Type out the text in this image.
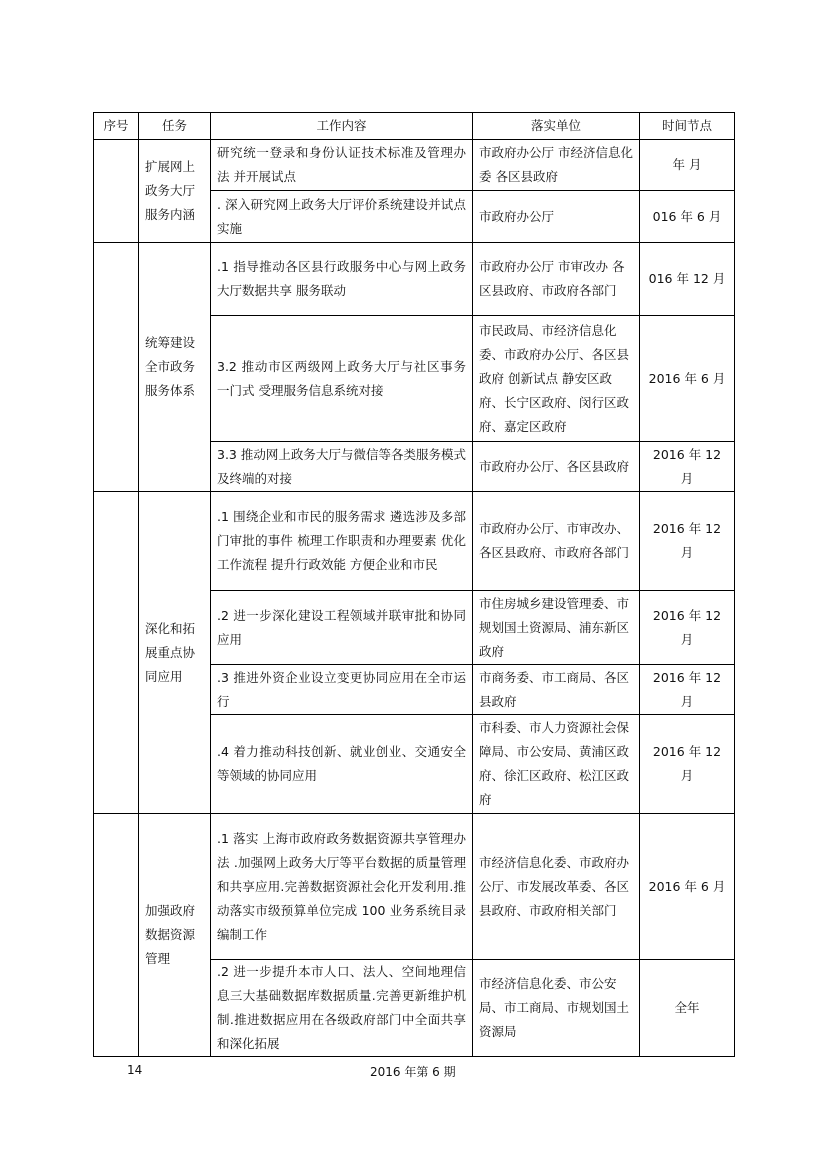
序号	任务	工作内容	落实单位	时间节点
	扩展网上政务大厅服务内涵	研究统一登录和身份认证技术标准及管理办法 并开展试点	市政府办公厅 市经济信息化委 各区县政府	年 月
		. 深入研究网上政务大厅评价系统建设并试点实施	市政府办公厅	016 年 6 月
	统筹建设全市政务服务体系	.1 指导推动各区县行政服务中心与网上政务大厅数据共享 服务联动	市政府办公厅 市审改办 各区县政府、市政府各部门	016 年 12 月
		3.2 推动市区两级网上政务大厅与社区事务 一门式 受理服务信息系统对接	市民政局、市经济信息化委、市政府办公厅、各区县政府 创新试点 静安区政府、长宁区政府、闵行区政府、嘉定区政府	2016 年 6 月
		3.3 推动网上政务大厅与微信等各类服务模式及终端的对接	市政府办公厅、各区县政府	2016 年 12 月
	深化和拓展重点协同应用	.1 围绕企业和市民的服务需求 遴选涉及多部门审批的事件 梳理工作职责和办理要素 优化工作流程 提升行政效能 方便企业和市民	市政府办公厅、市审改办、各区县政府、市政府各部门	2016 年 12 月
		.2 进一步深化建设工程领域并联审批和协同应用	市住房城乡建设管理委、市规划国土资源局、浦东新区政府	2016 年 12 月
		.3 推进外资企业设立变更协同应用在全市运行	市商务委、市工商局、各区县政府	2016 年 12 月
		.4 着力推动科技创新、就业创业、交通安全等领域的协同应用	市科委、市人力资源社会保障局、市公安局、黄浦区政府、徐汇区政府、松江区政府	2016 年 12 月
	加强政府数据资源管理	.1 落实 上海市政府政务数据资源共享管理办法 .加强网上政务大厅等平台数据的质量管理和共享应用.完善数据资源社会化开发利用.推动落实市级预算单位完成 100 业务系统目录编制工作	市经济信息化委、市政府办公厅、市发展改革委、各区县政府、市政府相关部门	2016 年 6 月
		.2 进一步提升本市人口、法人、空间地理信息三大基础数据库数据质量.完善更新维护机制.推进数据应用在各级政府部门中全面共享和深化拓展	市经济信息化委、市公安局、市工商局、市规划国土资源局	全年
14	2016 年第 6 期
